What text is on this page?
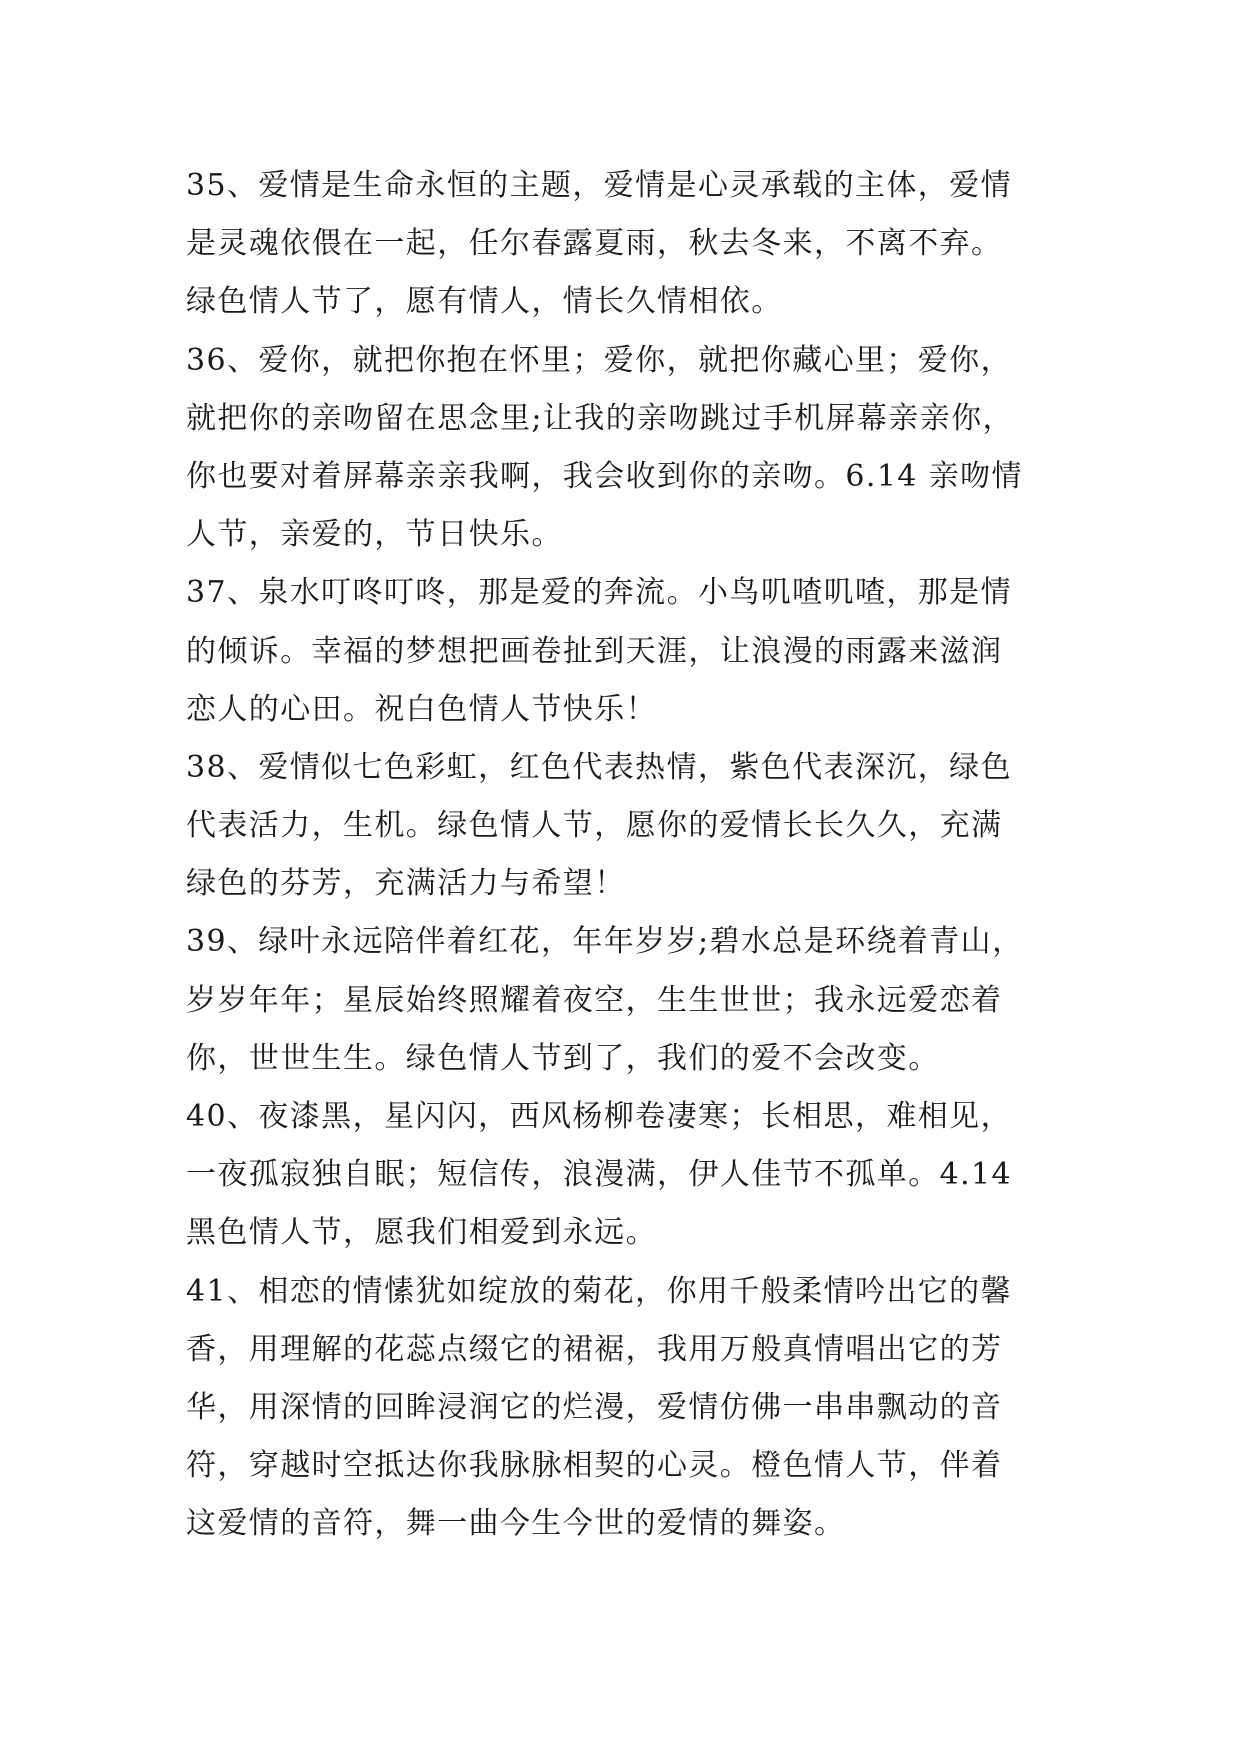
35、爱情是生命永恒的主题，爱情是心灵承载的主体，爱情
是灵魂依偎在一起，任尔春露夏雨，秋去冬来，不离不弃。
绿色情人节了，愿有情人，情长久情相依。
36、爱你，就把你抱在怀里；爱你，就把你藏心里；爱你，
就把你的亲吻留在思念里;让我的亲吻跳过手机屏幕亲亲你，
你也要对着屏幕亲亲我啊，我会收到你的亲吻。6.14 亲吻情
人节，亲爱的，节日快乐。
37、泉水叮咚叮咚，那是爱的奔流。小鸟叽喳叽喳，那是情
的倾诉。幸福的梦想把画卷扯到天涯，让浪漫的雨露来滋润
恋人的心田。祝白色情人节快乐！
38、爱情似七色彩虹，红色代表热情，紫色代表深沉，绿色
代表活力，生机。绿色情人节，愿你的爱情长长久久，充满
绿色的芬芳，充满活力与希望！
39、绿叶永远陪伴着红花，年年岁岁;碧水总是环绕着青山，
岁岁年年；星辰始终照耀着夜空，生生世世；我永远爱恋着
你，世世生生。绿色情人节到了，我们的爱不会改变。
40、夜漆黑，星闪闪，西风杨柳卷凄寒；长相思，难相见，
一夜孤寂独自眠；短信传，浪漫满，伊人佳节不孤单。4.14
黑色情人节，愿我们相爱到永远。
41、相恋的情愫犹如绽放的菊花，你用千般柔情吟出它的馨
香，用理解的花蕊点缀它的裙裾，我用万般真情唱出它的芳
华，用深情的回眸浸润它的烂漫，爱情仿佛一串串飘动的音
符，穿越时空抵达你我脉脉相契的心灵。橙色情人节，伴着
这爱情的音符，舞一曲今生今世的爱情的舞姿。
